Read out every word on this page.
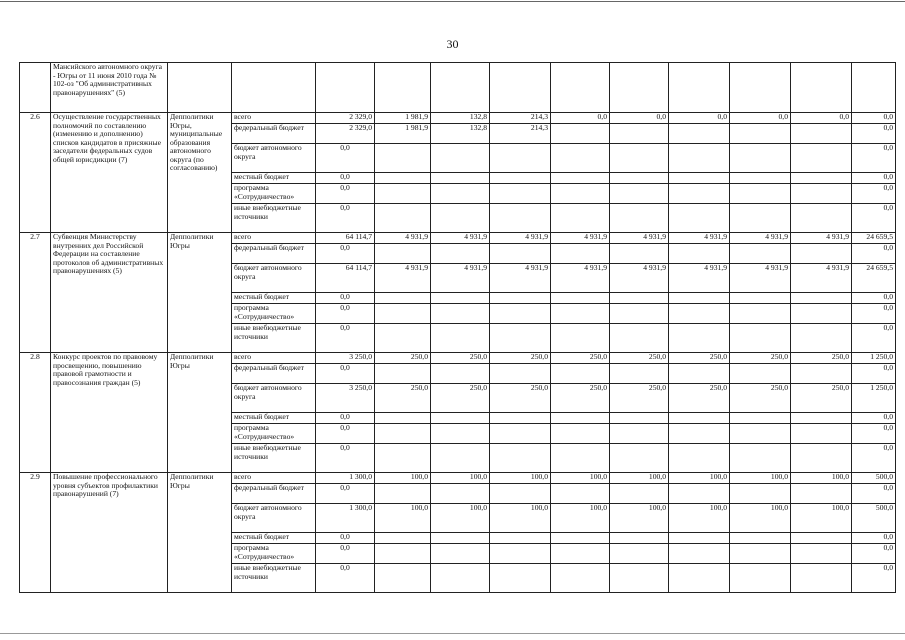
30
	Мансийского автономного округа - Югры от 11 июня 2010 года № 102-оз "Об административных правонарушениях" (5)												
2.6	Осуществление государственных полномочий по составлению (изменению и дополнению) списков кандидатов в присяжные заседатели федеральных судов общей юрисдикции (7)	Депполитики Югры, муниципальные образования автономного округа (по согласованию)	всего	2 329,0	1 981,9	132,8	214,3	0,0	0,0	0,0	0,0	0,0	0,0
			федеральный бюджет	2 329,0	1 981,9	132,8	214,3						0,0
			бюджет автономного округа	0,0									0,0
			местный бюджет	0,0									0,0
			программа «Сотрудничество»	0,0									0,0
			иные внебюджетные источники	0,0									0,0
2.7	Субвенция Министерству внутренних дел Российской Федерации на составление протоколов об административных правонарушениях (5)	Депполитики Югры	всего	64 114,7	4 931,9	4 931,9	4 931,9	4 931,9	4 931,9	4 931,9	4 931,9	4 931,9	24 659,5
			федеральный бюджет	0,0									0,0
			бюджет автономного округа	64 114,7	4 931,9	4 931,9	4 931,9	4 931,9	4 931,9	4 931,9	4 931,9	4 931,9	24 659,5
			местный бюджет	0,0									0,0
			программа «Сотрудничество»	0,0									0,0
			иные внебюджетные источники	0,0									0,0
2.8	Конкурс проектов по правовому просвещению, повышению правовой грамотности и правосознания граждан (5)	Депполитики Югры	всего	3 250,0	250,0	250,0	250,0	250,0	250,0	250,0	250,0	250,0	1 250,0
			федеральный бюджет	0,0									0,0
			бюджет автономного округа	3 250,0	250,0	250,0	250,0	250,0	250,0	250,0	250,0	250,0	1 250,0
			местный бюджет	0,0									0,0
			программа «Сотрудничество»	0,0									0,0
			иные внебюджетные источники	0,0									0,0
2.9	Повышение профессионального уровня субъектов профилактики правонарушений (7)	Депполитики Югры	всего	1 300,0	100,0	100,0	100,0	100,0	100,0	100,0	100,0	100,0	500,0
			федеральный бюджет	0,0									0,0
			бюджет автономного округа	1 300,0	100,0	100,0	100,0	100,0	100,0	100,0	100,0	100,0	500,0
			местный бюджет	0,0									0,0
			программа «Сотрудничество»	0,0									0,0
			иные внебюджетные источники	0,0									0,0
